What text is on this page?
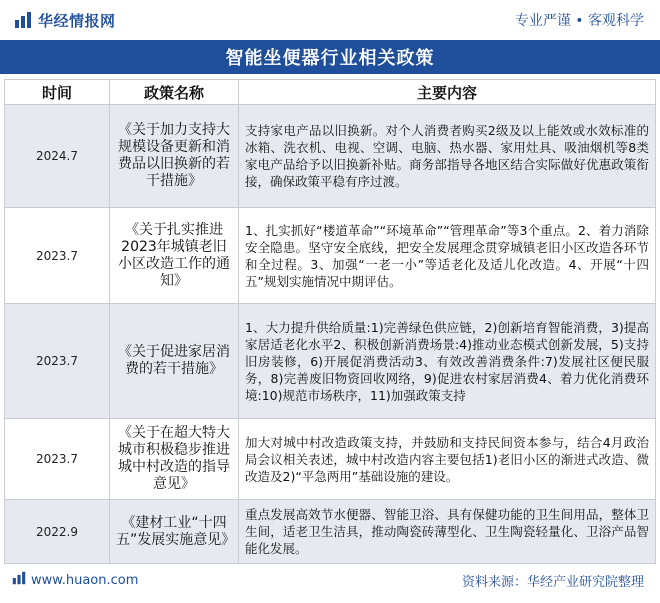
华经情报网	专业严谨 • 客观科学
智能坐便器行业相关政策
时间	政策名称	主要内容
2024.7	《关于加力支持大规模设备更新和消费品以旧换新的若干措施》	支持家电产品以旧换新。对个人消费者购买2级及以上能效或水效标准的冰箱、洗衣机、电视、空调、电脑、热水器、家用灶具、吸油烟机等8类家电产品给予以旧换新补贴。商务部指导各地区结合实际做好优惠政策衔接，确保政策平稳有序过渡。
2023.7	《关于扎实推进2023年城镇老旧小区改造工作的通知》	1、扎实抓好“楼道革命”“环境革命”“管理革命”等3个重点。2、着力消除安全隐患。坚守安全底线，把安全发展理念贯穿城镇老旧小区改造各环节和全过程。3、加强“一老一小”等适老化及适儿化改造。4、开展“十四五”规划实施情况中期评估。
2023.7	《关于促进家居消费的若干措施》	1、大力提升供给质量:1)完善绿色供应链，2)创新培育智能消费，3)提高家居适老化水平2、积极创新消费场景:4)推动业态模式创新发展，5)支持旧房装修，6)开展促消费活动3、有效改善消费条件:7)发展社区便民服务，8)完善废旧物资回收网络，9)促进农村家居消费4、着力优化消费环境:10)规范市场秩序，11)加强政策支持
2023.7	《关于在超大特大城市积极稳步推进城中村改造的指导意见》	加大对城中村改造政策支持，并鼓励和支持民间资本参与，结合4月政治局会议相关表述，城中村改造内容主要包括1)老旧小区的渐进式改造、微改造及2)“平急两用”基础设施的建设。
2022.9	《建材工业“十四五”发展实施意见》	重点发展高效节水便器、智能卫浴、具有保健功能的卫生间用品，整体卫生间，适老卫生洁具，推动陶瓷砖薄型化、卫生陶瓷轻量化、卫浴产品智能化发展。
www.huaon.com	资料来源：华经产业研究院整理
